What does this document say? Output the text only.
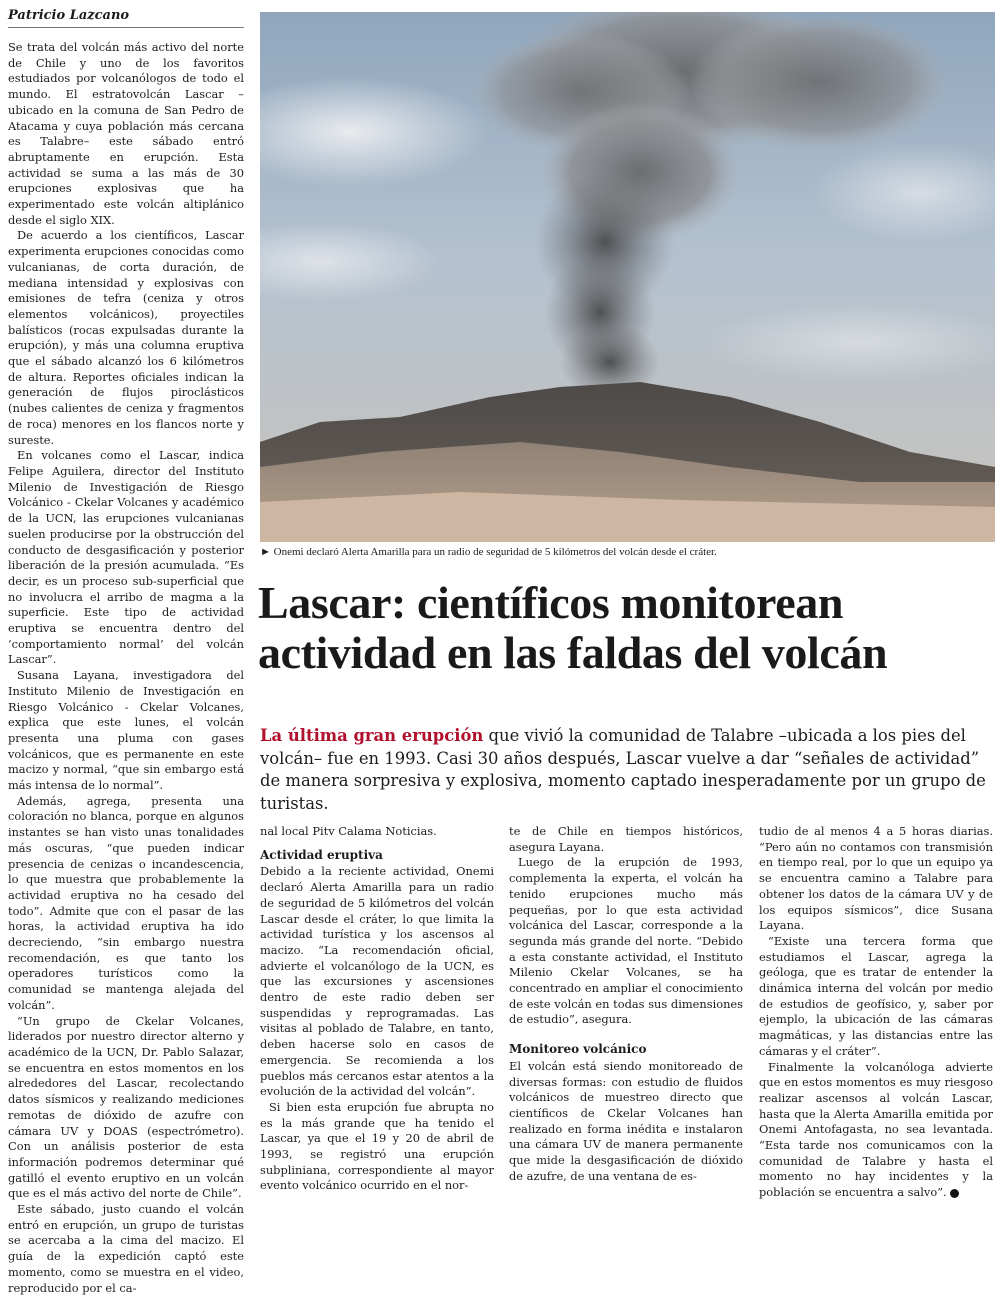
Patricio Lazcano

Se trata del volcán más activo del norte de Chile y uno de los favoritos estudiados por volcanólogos de todo el mundo. El estratovolcán Lascar –ubicado en la comuna de San Pedro de Atacama y cuya población más cercana es Talabre– este sábado entró abruptamente en erupción. Esta actividad se suma a las más de 30 erupciones explosivas que ha experimentado este volcán altiplánico desde el siglo XIX.

De acuerdo a los científicos, Lascar experimenta erupciones conocidas como vulcanianas, de corta duración, de mediana intensidad y explosivas con emisiones de tefra (ceniza y otros elementos volcánicos), proyectiles balísticos (rocas expulsadas durante la erupción), y más una columna eruptiva que el sábado alcanzó los 6 kilómetros de altura. Reportes oficiales indican la generación de flujos piroclásticos (nubes calientes de ceniza y fragmentos de roca) menores en los flancos norte y sureste.

En volcanes como el Lascar, indica Felipe Aguilera, director del Instituto Milenio de Investigación de Riesgo Volcánico - Ckelar Volcanes y académico de la UCN, las erupciones vulcanianas suelen producirse por la obstrucción del conducto de desgasificación y posterior liberación de la presión acumulada. “Es decir, es un proceso sub-superficial que no involucra el arribo de magma a la superficie. Este tipo de actividad eruptiva se encuentra dentro del ‘comportamiento normal’ del volcán Lascar”.

Susana Layana, investigadora del Instituto Milenio de Investigación en Riesgo Volcánico - Ckelar Volcanes, explica que este lunes, el volcán presenta una pluma con gases volcánicos, que es permanente en este macizo y normal, “que sin embargo está más intensa de lo normal”.

Además, agrega, presenta una coloración no blanca, porque en algunos instantes se han visto unas tonalidades más oscuras, “que pueden indicar presencia de cenizas o incandescencia, lo que muestra que probablemente la actividad eruptiva no ha cesado del todo”. Admite que con el pasar de las horas, la actividad eruptiva ha ido decreciendo, “sin embargo nuestra recomendación, es que tanto los operadores turísticos como la comunidad se mantenga alejada del volcán”.

“Un grupo de Ckelar Volcanes, liderados por nuestro director alterno y académico de la UCN, Dr. Pablo Salazar, se encuentra en estos momentos en los alrededores del Lascar, recolectando datos sísmicos y realizando mediciones remotas de dióxido de azufre con cámara UV y DOAS (espectrómetro). Con un análisis posterior de esta información podremos determinar qué gatilló el evento eruptivo en un volcán que es el más activo del norte de Chile”.

Este sábado, justo cuando el volcán entró en erupción, un grupo de turistas se acercaba a la cima del macizo. El guía de la expedición captó este momento, como se muestra en el video, reproducido por el ca-

► Onemi declaró Alerta Amarilla para un radio de seguridad de 5 kilómetros del volcán desde el cráter.
Lascar: científicos monitorean actividad en las faldas del volcán

La última gran erupción que vivió la comunidad de Talabre –ubicada a los pies del volcán– fue en 1993. Casi 30 años después, Lascar vuelve a dar “señales de actividad” de manera sorpresiva y explosiva, momento captado inesperadamente por un grupo de turistas.

nal local Pitv Calama Noticias.

Actividad eruptiva

Debido a la reciente actividad, Onemi declaró Alerta Amarilla para un radio de seguridad de 5 kilómetros del volcán Lascar desde el cráter, lo que limita la actividad turística y los ascensos al macizo. “La recomendación oficial, advierte el volcanólogo de la UCN, es que las excursiones y ascensiones dentro de este radio deben ser suspendidas y reprogramadas. Las visitas al poblado de Talabre, en tanto, deben hacerse solo en casos de emergencia. Se recomienda a los pueblos más cercanos estar atentos a la evolución de la actividad del volcán”.

Si bien esta erupción fue abrupta no es la más grande que ha tenido el Lascar, ya que el 19 y 20 de abril de 1993, se registró una erupción subpliniana, correspondiente al mayor evento volcánico ocurrido en el nor-

te de Chile en tiempos históricos, asegura Layana.

Luego de la erupción de 1993, complementa la experta, el volcán ha tenido erupciones mucho más pequeñas, por lo que esta actividad volcánica del Lascar, corresponde a la segunda más grande del norte. “Debido a esta constante actividad, el Instituto Milenio Ckelar Volcanes, se ha concentrado en ampliar el conocimiento de este volcán en todas sus dimensiones de estudio”, asegura.

Monitoreo volcánico

El volcán está siendo monitoreado de diversas formas: con estudio de fluidos volcánicos de muestreo directo que científicos de Ckelar Volcanes han realizado en forma inédita e instalaron una cámara UV de manera permanente que mide la desgasificación de dióxido de azufre, de una ventana de es-

tudio de al menos 4 a 5 horas diarias. “Pero aún no contamos con transmisión en tiempo real, por lo que un equipo ya se encuentra camino a Talabre para obtener los datos de la cámara UV y de los equipos sísmicos”, dice Susana Layana.

“Existe una tercera forma que estudiamos el Lascar, agrega la geóloga, que es tratar de entender la dinámica interna del volcán por medio de estudios de geofísico, y, saber por ejemplo, la ubicación de las cámaras magmáticas, y las distancias entre las cámaras y el cráter”.

Finalmente la volcanóloga advierte que en estos momentos es muy riesgoso realizar ascensos al volcán Lascar, hasta que la Alerta Amarilla emitida por Onemi Antofagasta, no sea levantada. “Esta tarde nos comunicamos con la comunidad de Talabre y hasta el momento no hay incidentes y la población se encuentra a salvo”.
